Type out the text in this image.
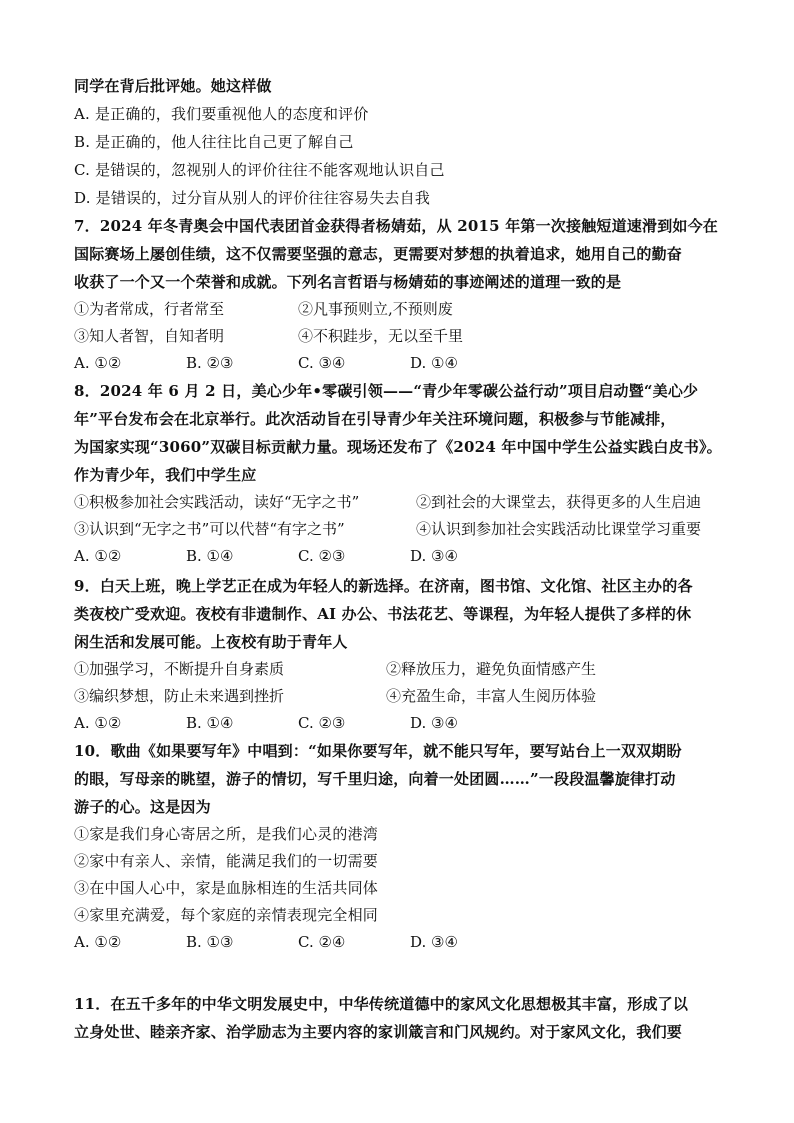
同学在背后批评她。她这样做
A. 是正确的，我们要重视他人的态度和评价
B. 是正确的，他人往往比自己更了解自己
C. 是错误的，忽视别人的评价往往不能客观地认识自己
D. 是错误的，过分盲从别人的评价往往容易失去自我
7．2024 年冬青奥会中国代表团首金获得者杨婧茹，从 2015 年第一次接触短道速滑到如今在
国际赛场上屡创佳绩，这不仅需要坚强的意志，更需要对梦想的执着追求，她用自己的勤奋
收获了一个又一个荣誉和成就。下列名言哲语与杨婧茹的事迹阐述的道理一致的是
①为者常成，行者常至	②凡事预则立,不预则废
③知人者智，自知者明	④不积跬步，无以至千里
A. ①②	B. ②③	C. ③④	D. ①④
8．2024 年 6 月 2 日，美心少年•零碳引领——“青少年零碳公益行动”项目启动暨“美心少
年”平台发布会在北京举行。此次活动旨在引导青少年关注环境问题，积极参与节能减排，
为国家实现“3060”双碳目标贡献力量。现场还发布了《2024 年中国中学生公益实践白皮书》。
作为青少年，我们中学生应
①积极参加社会实践活动，读好“无字之书”	②到社会的大课堂去，获得更多的人生启迪
③认识到“无字之书”可以代替“有字之书”	④认识到参加社会实践活动比课堂学习重要
A. ①②	B. ①④	C. ②③	D. ③④
9．白天上班，晚上学艺正在成为年轻人的新选择。在济南，图书馆、文化馆、社区主办的各
类夜校广受欢迎。夜校有非遗制作、AI 办公、书法花艺、等课程，为年轻人提供了多样的休
闲生活和发展可能。上夜校有助于青年人
①加强学习，不断提升自身素质	②释放压力，避免负面情感产生
③编织梦想，防止未来遇到挫折	④充盈生命，丰富人生阅历体验
A. ①②	B. ①④	C. ②③	D. ③④
10．歌曲《如果要写年》中唱到：“如果你要写年，就不能只写年，要写站台上一双双期盼
的眼，写母亲的眺望，游子的情切，写千里归途，向着一处团圆……”一段段温馨旋律打动
游子的心。这是因为
①家是我们身心寄居之所，是我们心灵的港湾
②家中有亲人、亲情，能满足我们的一切需要
③在中国人心中，家是血脉相连的生活共同体
④家里充满爱，每个家庭的亲情表现完全相同
A. ①②	B. ①③	C. ②④	D. ③④
11．在五千多年的中华文明发展史中，中华传统道德中的家风文化思想极其丰富，形成了以
立身处世、睦亲齐家、治学励志为主要内容的家训箴言和门风规约。对于家风文化，我们要
